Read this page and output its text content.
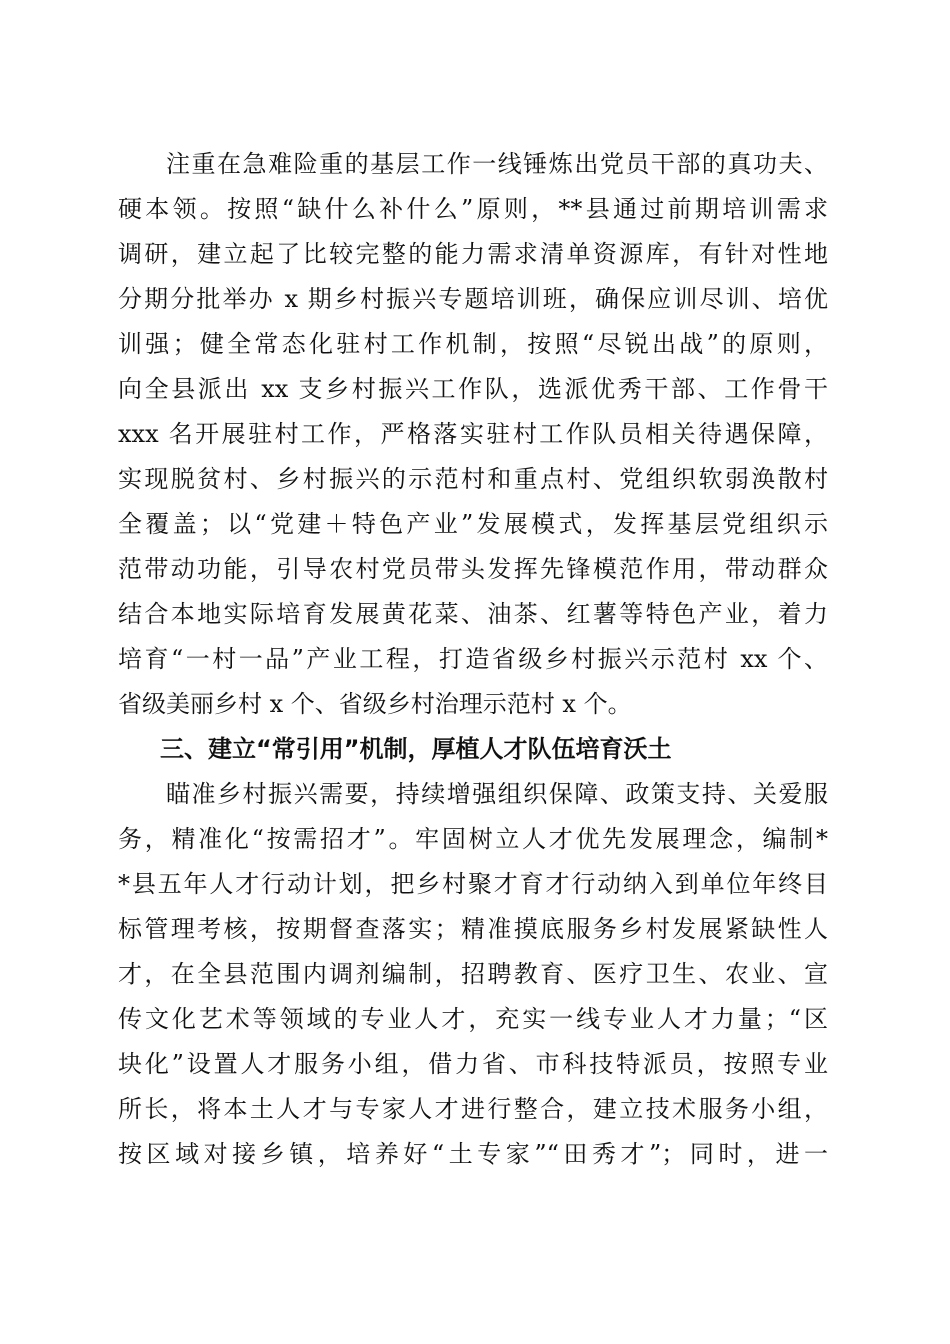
注重在急难险重的基层工作一线锤炼出党员干部的真功夫、
硬本领。按照“缺什么补什么”原则，**县通过前期培训需求
调研，建立起了比较完整的能力需求清单资源库，有针对性地
分期分批举办 x 期乡村振兴专题培训班，确保应训尽训、培优
训强；健全常态化驻村工作机制，按照“尽锐出战”的原则，
向全县派出 xx 支乡村振兴工作队，选派优秀干部、工作骨干
xxx 名开展驻村工作，严格落实驻村工作队员相关待遇保障，
实现脱贫村、乡村振兴的示范村和重点村、党组织软弱涣散村
全覆盖；以“党建＋特色产业”发展模式，发挥基层党组织示
范带动功能，引导农村党员带头发挥先锋模范作用，带动群众
结合本地实际培育发展黄花菜、油茶、红薯等特色产业，着力
培育“一村一品”产业工程，打造省级乡村振兴示范村 xx 个、
省级美丽乡村 x 个、省级乡村治理示范村 x 个。
三、建立“常引用”机制，厚植人才队伍培育沃土
瞄准乡村振兴需要，持续增强组织保障、政策支持、关爱服
务，精准化“按需招才”。牢固树立人才优先发展理念，编制*
*县五年人才行动计划，把乡村聚才育才行动纳入到单位年终目
标管理考核，按期督查落实；精准摸底服务乡村发展紧缺性人
才，在全县范围内调剂编制，招聘教育、医疗卫生、农业、宣
传文化艺术等领域的专业人才，充实一线专业人才力量；“区
块化”设置人才服务小组，借力省、市科技特派员，按照专业
所长，将本土人才与专家人才进行整合，建立技术服务小组，
按区域对接乡镇，培养好“土专家”“田秀才”；同时，进一
